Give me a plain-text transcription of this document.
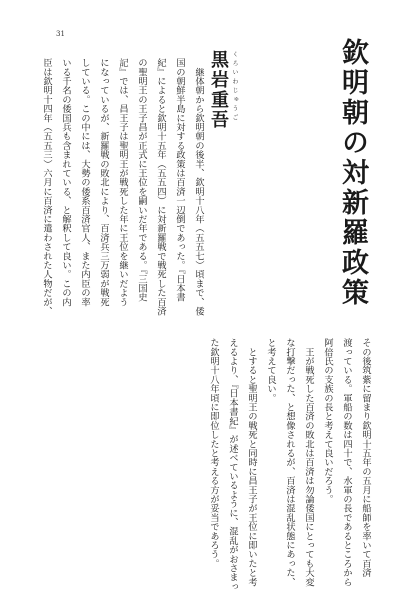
31
欽明朝の対新羅政策
黒岩重吾 くろいわじゅうご
　継体朝から欽明朝の後半、欽明十八年（五五七）頃まで、倭
国の朝鮮半島に対する政策は百済一辺倒であった。『日本書
紀』によると欽明十五年（五五四）に対新羅戦で戦死した百済
の聖明王の王子昌が正式に王位を嗣いだ年である。『三国史
記』では、昌王子は聖明王が戦死した年に王位を継いだよう
になっているが、新羅戦の敗北により、百済兵三万弱が戦死
している。この中には、大勢の倭系百済官人、また内臣の率
いる千名の倭国兵も含まれている、と解釈して良い。この内
臣は欽明十四年（五五三）六月に百済に遣わされた人物だが、
その後筑紫に留まり欽明十五年の五月に船師を率いて百済
渡っている。軍船の数は四十で、水軍の長であるところから
阿倍氏の支族の長と考えて良いだろう。
　王が戦死した百済の敗北は百済は勿論倭国にとっても大変
な打撃だった、と想像されるが、百済は混乱状態にあった、
と考えて良い。
　とすると聖明王の戦死と同時に昌王子が王位に即いたと考
えるより、『日本書紀』が述べているように、混乱がおさまっ
た欽明十八年頃に即位したと考える方が妥当であろう。
